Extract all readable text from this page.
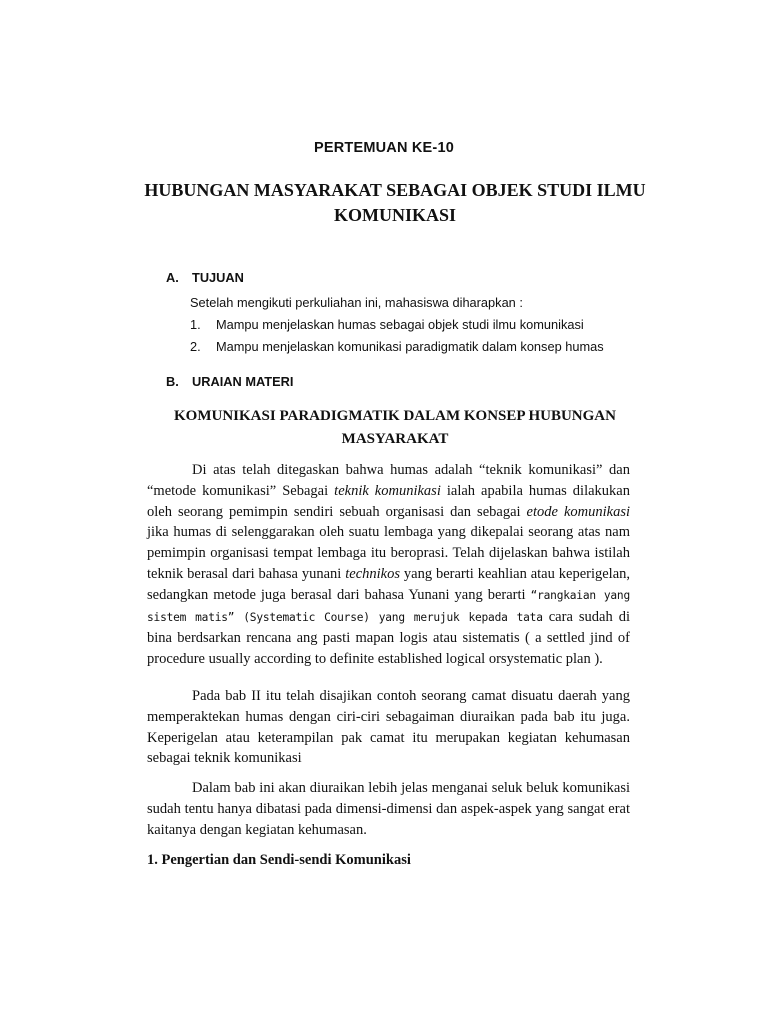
PERTEMUAN KE-10
HUBUNGAN MASYARAKAT SEBAGAI OBJEK STUDI ILMU
KOMUNIKASI
A. TUJUAN
Setelah mengikuti perkuliahan ini, mahasiswa diharapkan :
1. Mampu menjelaskan humas sebagai objek studi ilmu komunikasi
2. Mampu menjelaskan komunikasi paradigmatik dalam konsep humas
B. URAIAN MATERI
KOMUNIKASI PARADIGMATIK DALAM KONSEP HUBUNGAN
MASYARAKAT

Di atas telah ditegaskan bahwa humas adalah “teknik komunikasi” dan “metode komunikasi” Sebagai teknik komunikasi ialah apabila humas dilakukan oleh seorang pemimpin sendiri sebuah organisasi dan sebagai etode komunikasi jika humas di selenggarakan oleh suatu lembaga yang dikepalai seorang atas nam pemimpin organisasi tempat lembaga itu beroprasi. Telah dijelaskan bahwa istilah teknik berasal dari bahasa yunani technikos yang berarti keahlian atau keperigelan, sedangkan metode juga berasal dari bahasa Yunani yang berarti “rangkaian yang sistem matis” (Systematic Course) yang merujuk kepada tata cara sudah di bina berdsarkan rencana ang pasti mapan logis atau sistematis ( a settled jind of procedure usually according to definite established logical orsystematic plan ).

Pada bab II itu telah disajikan contoh seorang camat disuatu daerah yang memperaktekan humas dengan ciri-ciri sebagaiman diuraikan pada bab itu juga. Keperigelan atau keterampilan pak camat itu merupakan kegiatan kehumasan sebagai teknik komunikasi

Dalam bab ini akan diuraikan lebih jelas menganai seluk beluk komunikasi sudah tentu hanya dibatasi pada dimensi-dimensi dan aspek-aspek yang sangat erat kaitanya dengan kegiatan kehumasan.

1. Pengertian dan Sendi-sendi Komunikasi
